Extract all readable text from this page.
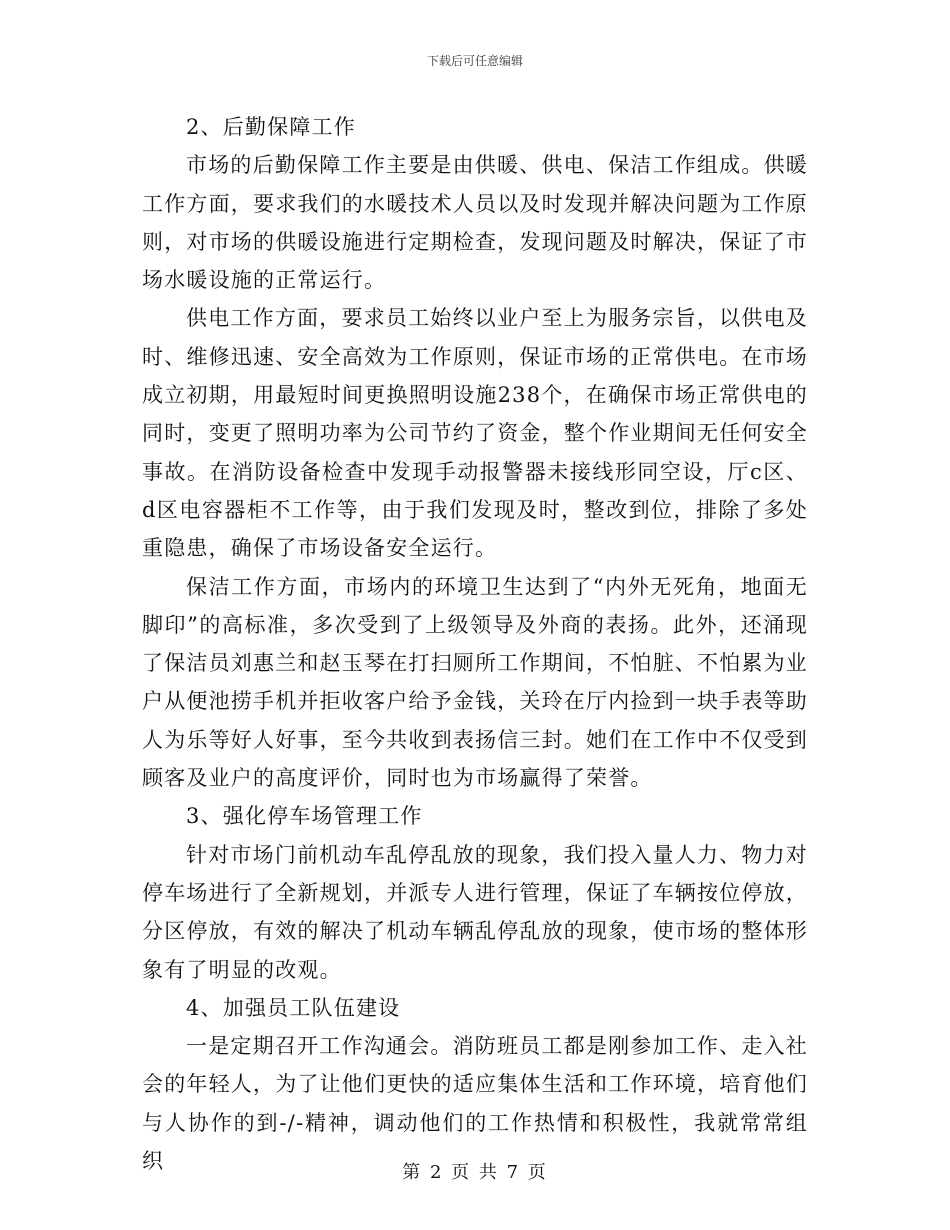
下载后可任意编辑

2、后勤保障工作

市场的后勤保障工作主要是由供暖、供电、保洁工作组成。供暖工作方面，要求我们的水暖技术人员以及时发现并解决问题为工作原则，对市场的供暖设施进行定期检查，发现问题及时解决，保证了市场水暖设施的正常运行。

供电工作方面，要求员工始终以业户至上为服务宗旨，以供电及时、维修迅速、安全高效为工作原则，保证市场的正常供电。在市场成立初期，用最短时间更换照明设施238个，在确保市场正常供电的同时，变更了照明功率为公司节约了资金，整个作业期间无任何安全事故。在消防设备检查中发现手动报警器未接线形同空设，厅c区、d区电容器柜不工作等，由于我们发现及时，整改到位，排除了多处重隐患，确保了市场设备安全运行。

保洁工作方面，市场内的环境卫生达到了“内外无死角，地面无脚印”的高标准，多次受到了上级领导及外商的表扬。此外，还涌现了保洁员刘惠兰和赵玉琴在打扫厕所工作期间，不怕脏、不怕累为业户从便池捞手机并拒收客户给予金钱，关玲在厅内捡到一块手表等助人为乐等好人好事，至今共收到表扬信三封。她们在工作中不仅受到顾客及业户的高度评价，同时也为市场赢得了荣誉。

3、强化停车场管理工作

针对市场门前机动车乱停乱放的现象，我们投入量人力、物力对停车场进行了全新规划，并派专人进行管理，保证了车辆按位停放，分区停放，有效的解决了机动车辆乱停乱放的现象，使市场的整体形象有了明显的改观。

4、加强员工队伍建设

一是定期召开工作沟通会。消防班员工都是刚参加工作、走入社会的年轻人，为了让他们更快的适应集体生活和工作环境，培育他们与人协作的到-/-精神，调动他们的工作热情和积极性，我就常常组织	第 2 页 共 7 页
